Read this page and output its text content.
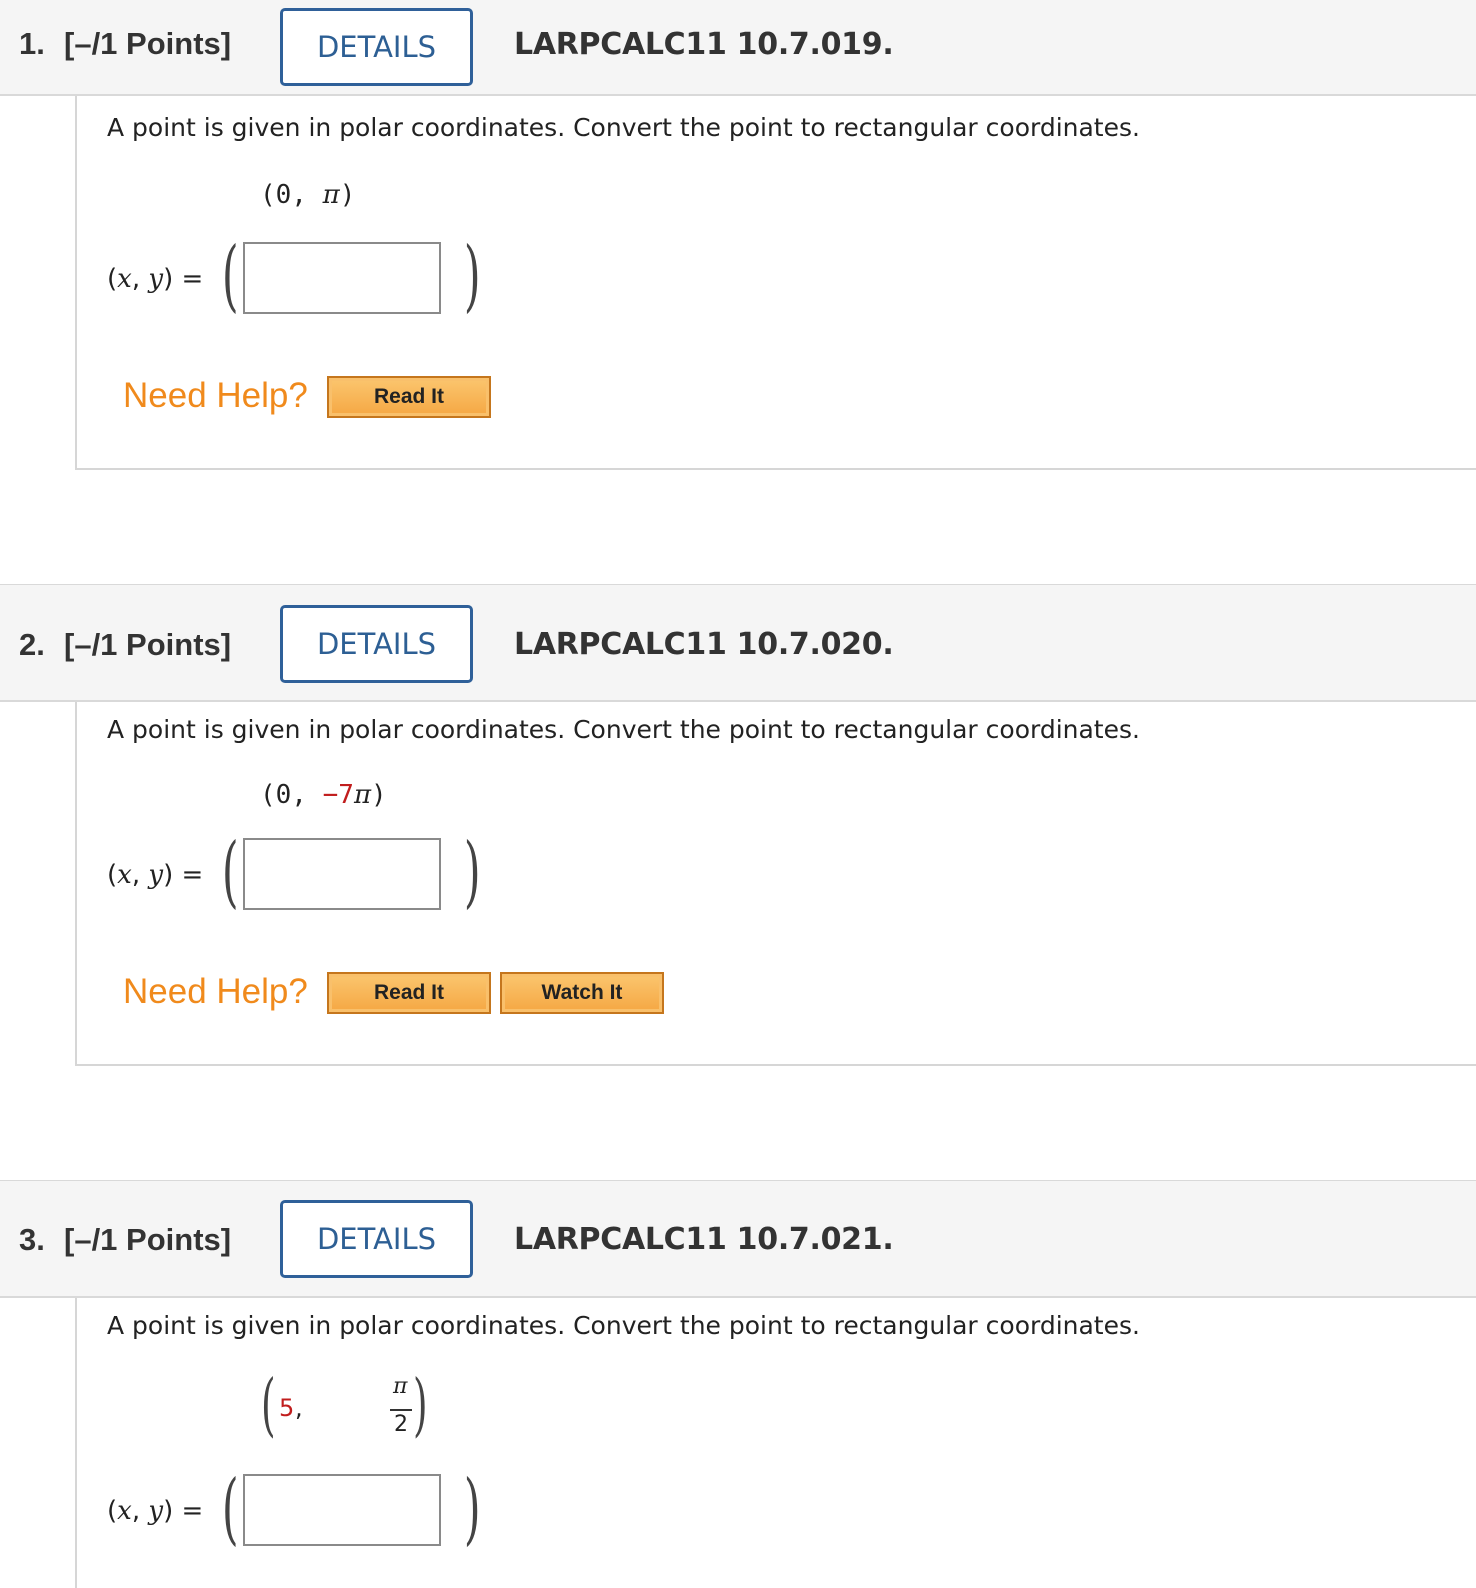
1. [–/1 Points]	DETAILS	LARPCALC11 10.7.019.
A point is given in polar coordinates. Convert the point to rectangular coordinates.
(0, π)
(x, y) = (	)
Need Help?	Read It
2. [–/1 Points]	DETAILS	LARPCALC11 10.7.020.
A point is given in polar coordinates. Convert the point to rectangular coordinates.
(0, −7π)
(x, y) = (	)
Need Help?	Read It	Watch It
3. [–/1 Points]	DETAILS	LARPCALC11 10.7.021.
A point is given in polar coordinates. Convert the point to rectangular coordinates.
( 5 ,
π
2 )
(x, y) = (	)
